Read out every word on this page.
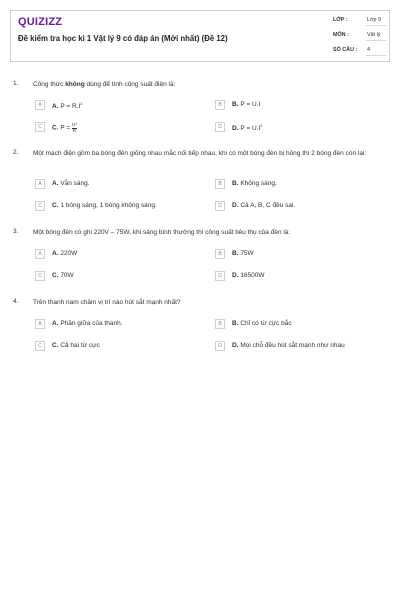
QUIZIZZ
Đề kiểm tra học kì 1 Vật lý 9 có đáp án (Mới nhất) (Đề 12)
LỚP :	Lớp 9
MÔN :	Vật lý
SỐ CÂU : 4
1. Công thức không dùng để tính công suất điện là:
A	A. $P = R.I^2$	B	B. P = U.I
C	C. $P = \frac{\text{U²}}{R}$	D	D. $P = U.I^2$
2. Một mạch điện gồm ba bóng đèn giống nhau mắc nối tiếp nhau, khi có một bóng đèn bị hỏng thì 2 bóng đèn còn lại:
A	A. Vẫn sáng.	B	B. Không sáng.
C	C. 1 bóng sáng, 1 bóng không sáng.	D	D. Cả A, B, C đều sai.
3. Một bóng đèn có ghi 220V – 75W, khi sáng bình thường thì công suất tiêu thụ của đèn là:
A	A. 220W	B	B. 75W
C	C. 70W	D	D. 16500W
4. Trên thanh nam châm vị trí nào hút sắt mạnh nhất?
A	A. Phần giữa của thanh.	B	B. Chỉ có từ cực bắc
C	C. Cả hai từ cực	D	D. Mọi chỗ đều hút sắt mạnh như nhau
